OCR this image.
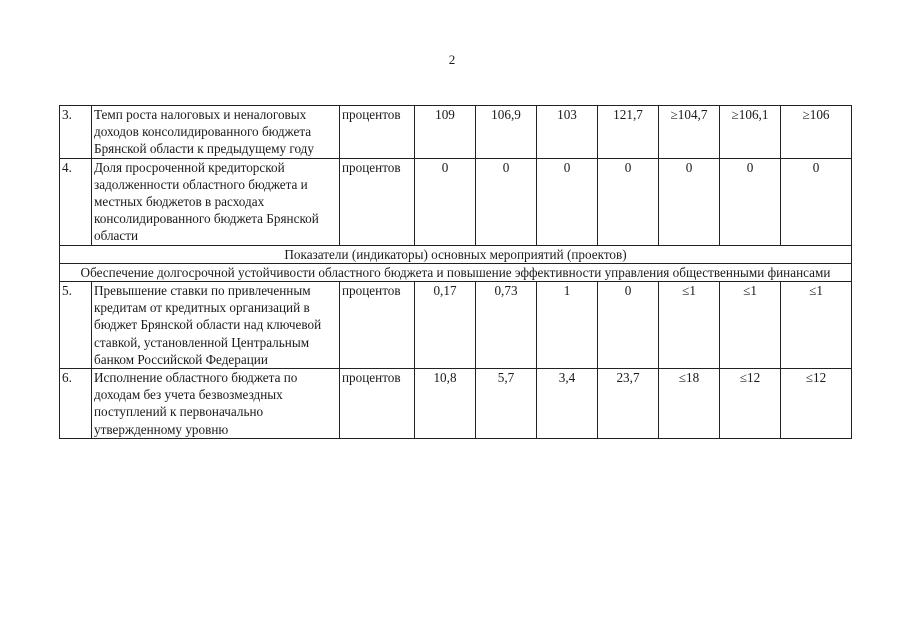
2
3.	Темп роста налоговых и неналоговых доходов консолидированного бюджета Брянской области к предыдущему году	процентов	109	106,9	103	121,7	≥104,7	≥106,1	≥106
4.	Доля просроченной кредиторской задолженности областного бюджета и местных бюджетов в расходах консолидированного бюджета Брянской области	процентов	0	0	0	0	0	0	0
Показатели (индикаторы) основных мероприятий (проектов)									
Обеспечение долгосрочной устойчивости областного бюджета и повышение эффективности управления общественными финансами									
5.	Превышение ставки по привлеченным кредитам от кредитных организаций в бюджет Брянской области над ключевой ставкой, установленной Центральным банком Российской Федерации	процентов	0,17	0,73	1	0	≤1	≤1	≤1
6.	Исполнение областного бюджета по доходам без учета безвозмездных поступлений к первоначально утвержденному уровню	процентов	10,8	5,7	3,4	23,7	≤18	≤12	≤12
